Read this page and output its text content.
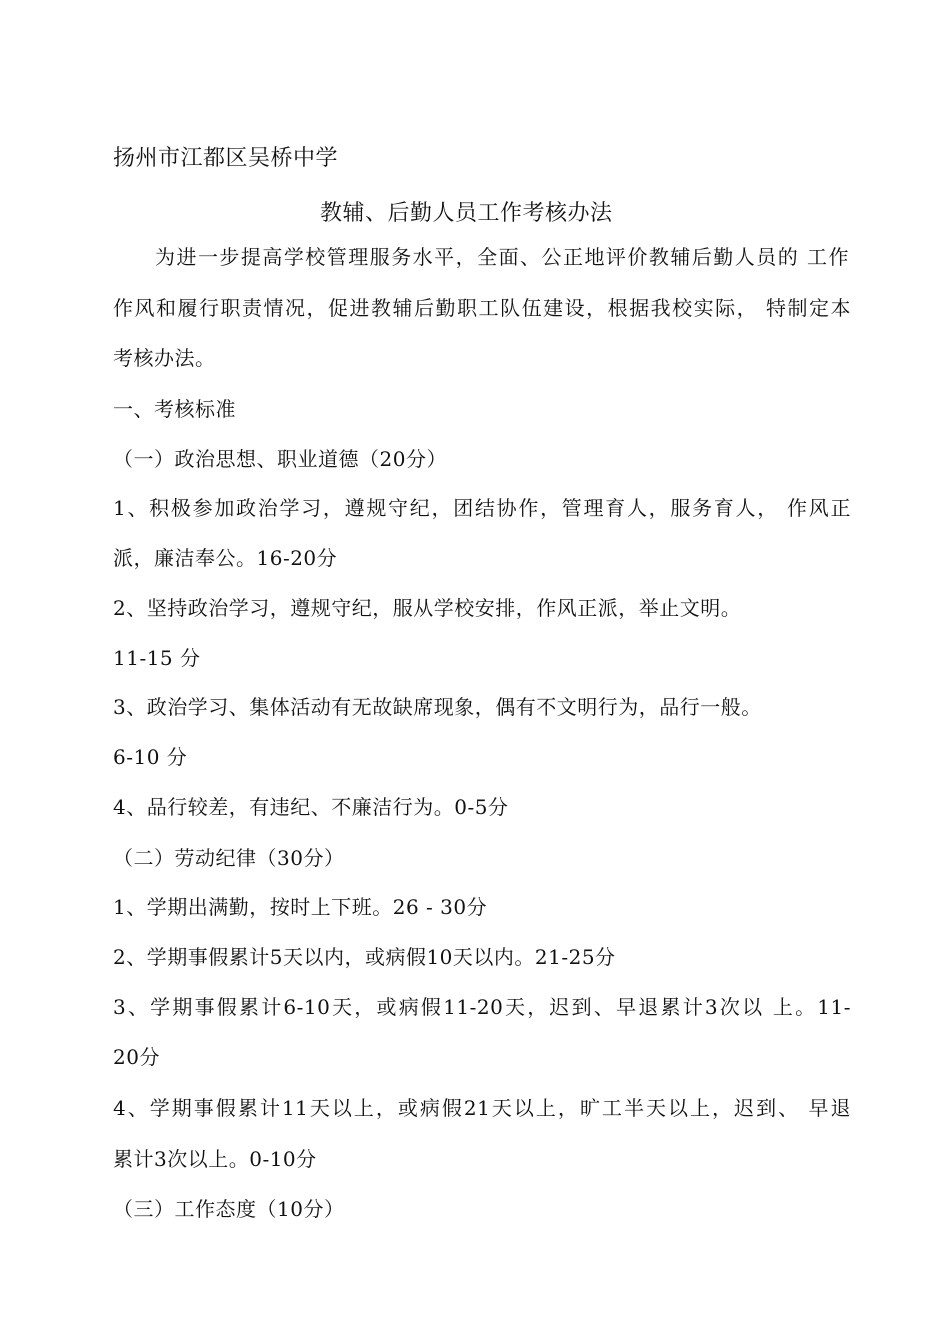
扬州市江都区吴桥中学
教辅、后勤人员工作考核办法
为进一步提高学校管理服务水平，全面、公正地评价教辅后勤人员的 工作
作风和履行职责情况，促进教辅后勤职工队伍建设，根据我校实际， 特制定本
考核办法。
一、考核标准
（一）政治思想、职业道德（20分）
1、积极参加政治学习，遵规守纪，团结协作，管理育人，服务育人， 作风正
派，廉洁奉公。16-20分
2、坚持政治学习，遵规守纪，服从学校安排，作风正派，举止文明。
11-15 分
3、政治学习、集体活动有无故缺席现象，偶有不文明行为，品行一般。
6-10 分
4、品行较差，有违纪、不廉洁行为。0-5分
（二）劳动纪律（30分）
1、学期出满勤，按时上下班。26 - 30分
2、学期事假累计5天以内，或病假10天以内。21-25分
3、学期事假累计6-10天，或病假11-20天，迟到、早退累计3次以 上。11-
20分
4、学期事假累计11天以上，或病假21天以上，旷工半天以上，迟到、 早退
累计3次以上。0-10分
（三）工作态度（10分）
